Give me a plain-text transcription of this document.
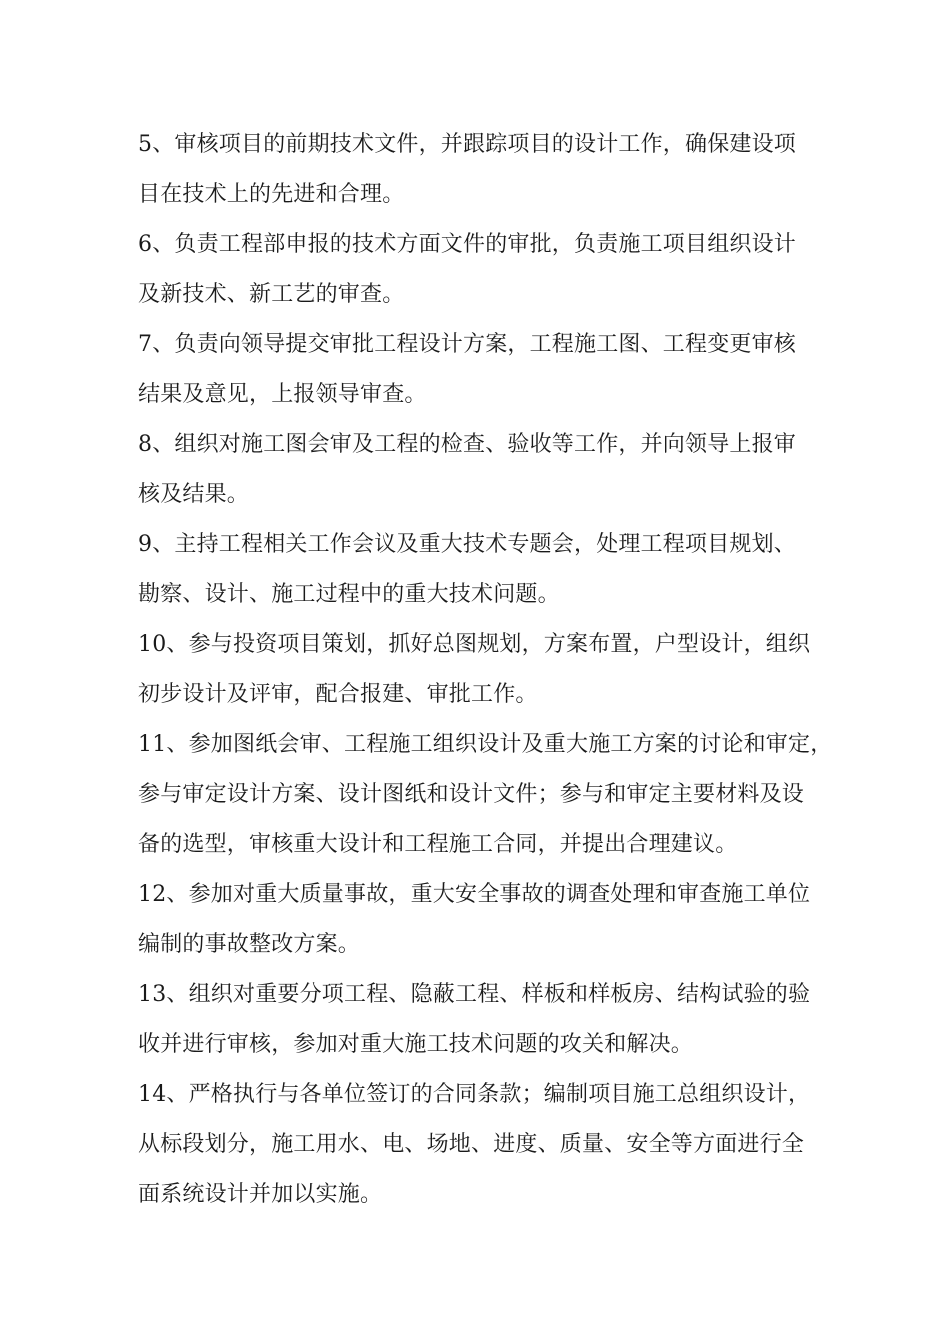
5、审核项目的前期技术文件，并跟踪项目的设计工作，确保建设项
目在技术上的先进和合理。
6、负责工程部申报的技术方面文件的审批，负责施工项目组织设计
及新技术、新工艺的审查。
7、负责向领导提交审批工程设计方案，工程施工图、工程变更审核
结果及意见，上报领导审查。
8、组织对施工图会审及工程的检查、验收等工作，并向领导上报审
核及结果。
9、主持工程相关工作会议及重大技术专题会，处理工程项目规划、
勘察、设计、施工过程中的重大技术问题。
10、参与投资项目策划，抓好总图规划，方案布置，户型设计，组织
初步设计及评审，配合报建、审批工作。
11、参加图纸会审、工程施工组织设计及重大施工方案的讨论和审定，
参与审定设计方案、设计图纸和设计文件；参与和审定主要材料及设
备的选型，审核重大设计和工程施工合同，并提出合理建议。
12、参加对重大质量事故，重大安全事故的调查处理和审查施工单位
编制的事故整改方案。
13、组织对重要分项工程、隐蔽工程、样板和样板房、结构试验的验
收并进行审核，参加对重大施工技术问题的攻关和解决。
14、严格执行与各单位签订的合同条款；编制项目施工总组织设计，
从标段划分，施工用水、电、场地、进度、质量、安全等方面进行全
面系统设计并加以实施。
